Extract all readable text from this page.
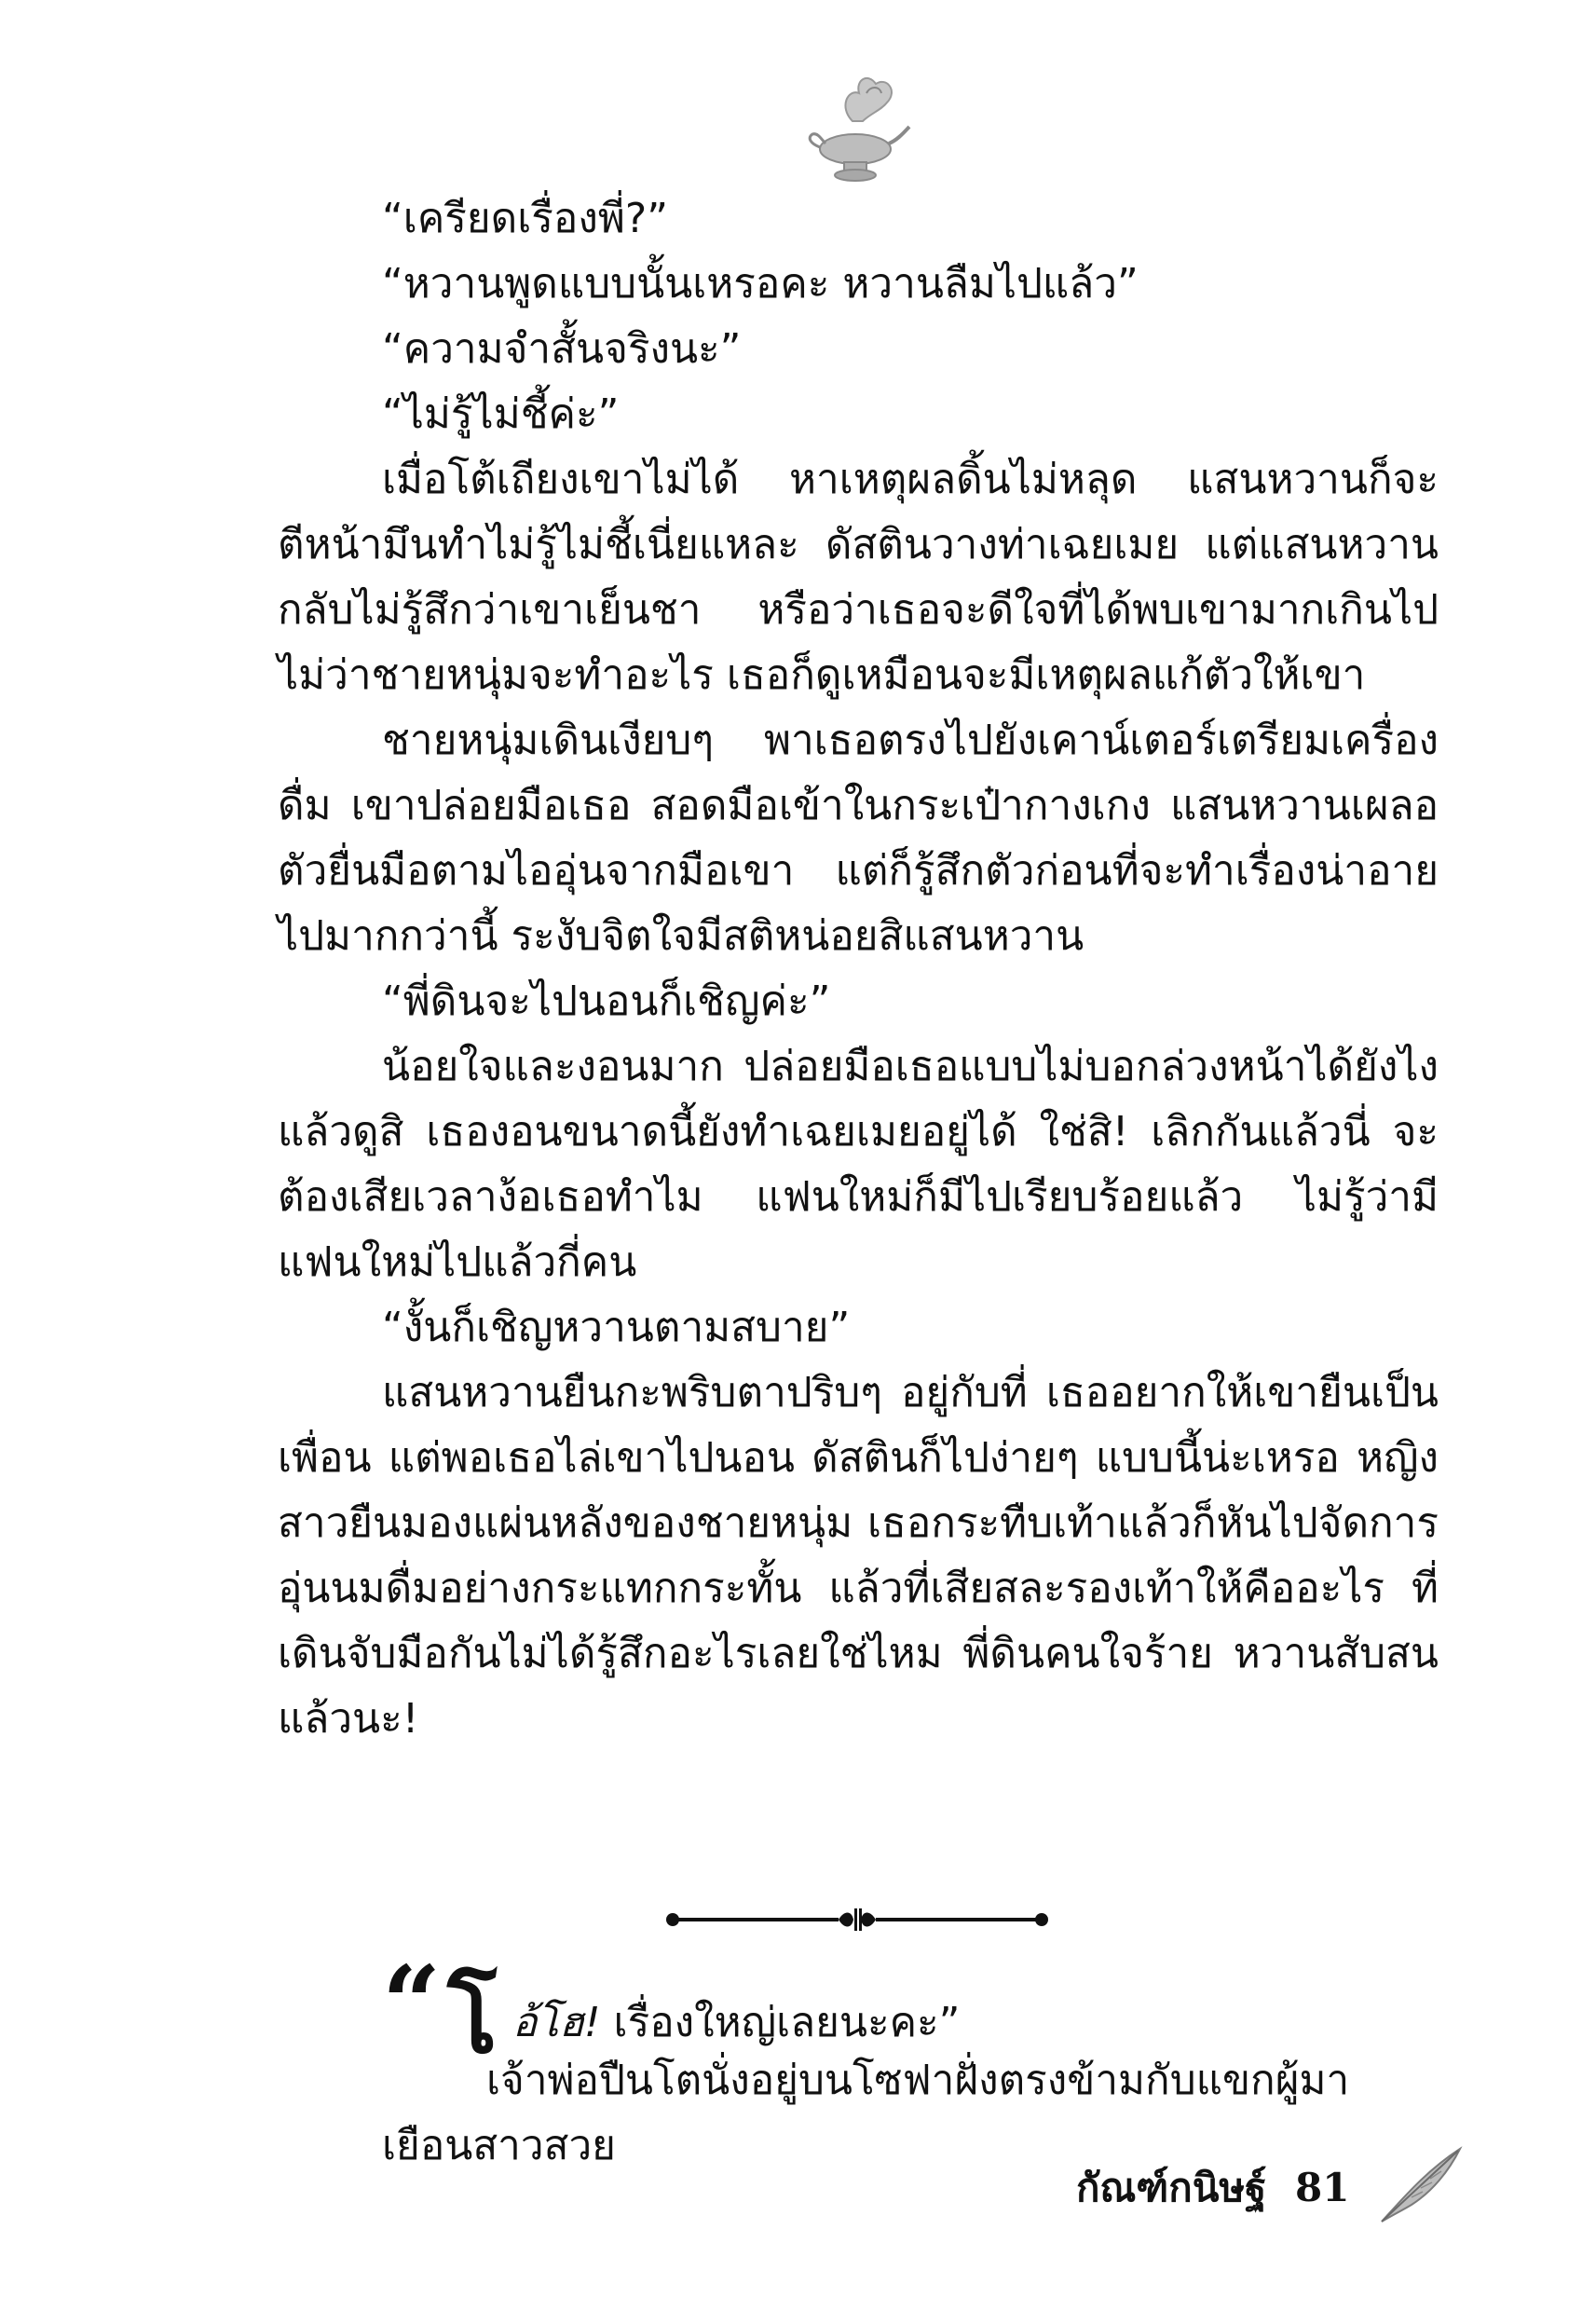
“เครียดเรื่องพี่?”

“หวานพูดแบบนั้นเหรอคะ หวานลืมไปแล้ว”

“ความจำสั้นจริงนะ”

“ไม่รู้ไม่ชี้ค่ะ”

เมื่อโต้เถียงเขาไม่ได้ หาเหตุผลดิ้นไม่หลุด แสนหวานก็จะตีหน้ามึนทำไม่รู้ไม่ชี้เนี่ยแหละ ดัสตินวางท่าเฉยเมย แต่แสนหวานกลับไม่รู้สึกว่าเขาเย็นชา หรือว่าเธอจะดีใจที่ได้พบเขามากเกินไป ไม่ว่าชายหนุ่มจะทำอะไร เธอก็ดูเหมือนจะมีเหตุผลแก้ตัวให้เขา

ชายหนุ่มเดินเงียบๆ พาเธอตรงไปยังเคาน์เตอร์เตรียมเครื่องดื่ม เขาปล่อยมือเธอ สอดมือเข้าในกระเป๋ากางเกง แสนหวานเผลอตัวยื่นมือตามไออุ่นจากมือเขา แต่ก็รู้สึกตัวก่อนที่จะทำเรื่องน่าอายไปมากกว่านี้ ระงับจิตใจมีสติหน่อยสิแสนหวาน

“พี่ดินจะไปนอนก็เชิญค่ะ”

น้อยใจและงอนมาก ปล่อยมือเธอแบบไม่บอกล่วงหน้าได้ยังไง แล้วดูสิ เธองอนขนาดนี้ยังทำเฉยเมยอยู่ได้ ใช่สิ! เลิกกันแล้วนี่ จะต้องเสียเวลาง้อเธอทำไม แฟนใหม่ก็มีไปเรียบร้อยแล้ว ไม่รู้ว่ามีแฟนใหม่ไปแล้วกี่คน

“งั้นก็เชิญหวานตามสบาย”

แสนหวานยืนกะพริบตาปริบๆ อยู่กับที่ เธออยากให้เขายืนเป็นเพื่อน แต่พอเธอไล่เขาไปนอน ดัสตินก็ไปง่ายๆ แบบนี้น่ะเหรอ หญิงสาวยืนมองแผ่นหลังของชายหนุ่ม เธอกระทืบเท้าแล้วก็หันไปจัดการอุ่นนมดื่มอย่างกระแทกกระทั้น แล้วที่เสียสละรองเท้าให้คืออะไร ที่เดินจับมือกันไม่ได้รู้สึกอะไรเลยใช่ไหม พี่ดินคนใจร้าย หวานสับสนแล้วนะ!

“ โ อ้โฮ! เรื่องใหญ่เลยนะคะ”

เจ้าพ่อปืนโตนั่งอยู่บนโซฟาฝั่งตรงข้ามกับแขกผู้มาเยือนสาวสวย

กัณฑ์กนิษฐ์ 81
